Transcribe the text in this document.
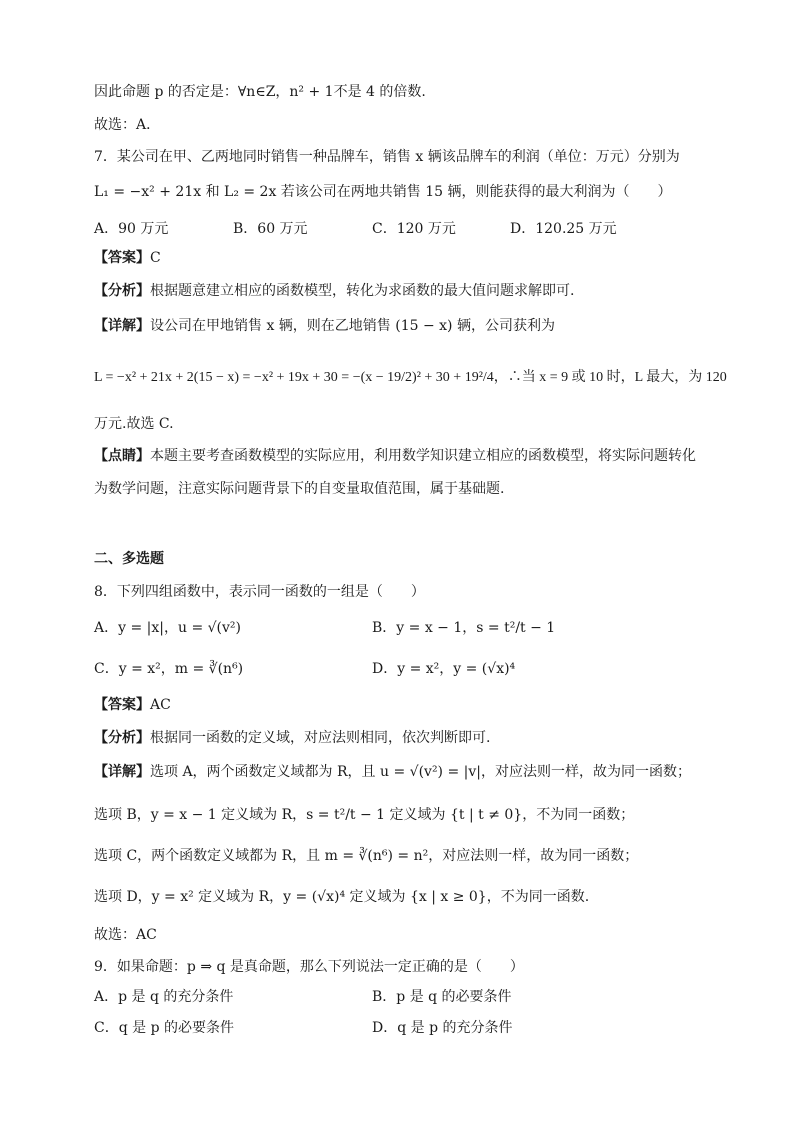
因此命题 p 的否定是：∀n∈Z，n² + 1不是 4 的倍数.
故选：A．
7．某公司在甲、乙两地同时销售一种品牌车，销售 x 辆该品牌车的利润（单位：万元）分别为
L₁ = −x² + 21x 和 L₂ = 2x 若该公司在两地共销售 15 辆，则能获得的最大利润为（　　）
A．90 万元	B．60 万元	C．120 万元	D．120.25 万元
【答案】C
【分析】根据题意建立相应的函数模型，转化为求函数的最大值问题求解即可.
【详解】设公司在甲地销售 x 辆，则在乙地销售 (15 − x) 辆，公司获利为
L = −x² + 21x + 2(15 − x) = −x² + 19x + 30 = −(x − 19/2)² + 30 + 19²/4，∴当 x = 9 或 10 时，L 最大，为 120
万元.故选 C.
【点睛】本题主要考查函数模型的实际应用，利用数学知识建立相应的函数模型，将实际问题转化
为数学问题，注意实际问题背景下的自变量取值范围，属于基础题.
二、多选题
8．下列四组函数中，表示同一函数的一组是（　　）
A．y = |x|，u = √(v²)	B．y = x − 1，s = t²/t − 1
C．y = x²，m = ∛(n⁶)	D．y = x²，y = (√x)⁴
【答案】AC
【分析】根据同一函数的定义域，对应法则相同，依次判断即可.
【详解】选项 A，两个函数定义域都为 R，且 u = √(v²) = |v|，对应法则一样，故为同一函数；
选项 B，y = x − 1 定义域为 R，s = t²/t − 1 定义域为 {t | t ≠ 0}，不为同一函数；
选项 C，两个函数定义域都为 R，且 m = ∛(n⁶) = n²，对应法则一样，故为同一函数；
选项 D，y = x² 定义域为 R，y = (√x)⁴ 定义域为 {x | x ≥ 0}，不为同一函数.
故选：AC
9．如果命题：p ⇒ q 是真命题，那么下列说法一定正确的是（　　）
A．p 是 q 的充分条件	B．p 是 q 的必要条件
C．q 是 p 的必要条件	D．q 是 p 的充分条件
